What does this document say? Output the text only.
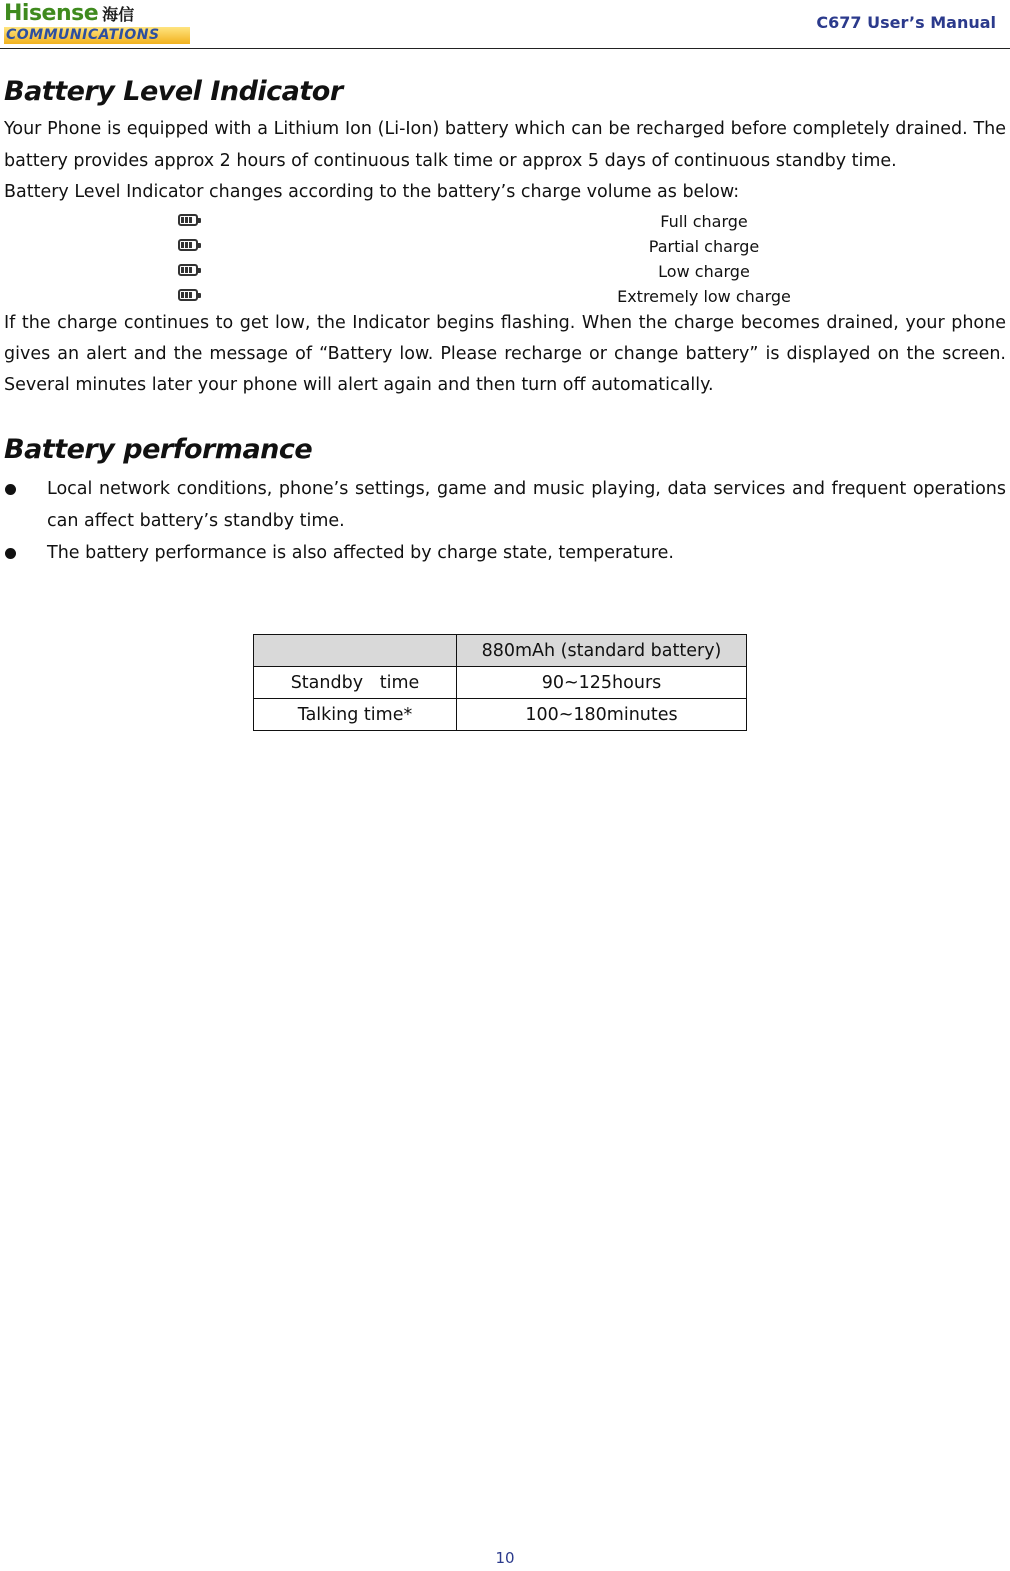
Hisense 海信
COMMUNICATIONS
C677 User’s Manual
Battery Level Indicator

Your Phone is equipped with a Lithium Ion (Li-Ion) battery which can be recharged before completely drained. The battery provides approx 2 hours of continuous talk time or approx 5 days of continuous standby time.

Battery Level Indicator changes according to the battery’s charge volume as below:

Full charge
Partial charge
Low charge
Extremely low charge

If the charge continues to get low, the Indicator begins flashing. When the charge becomes drained, your phone gives an alert and the message of “Battery low. Please recharge or change battery” is displayed on the screen. Several minutes later your phone will alert again and then turn off automatically.

Battery performance
Local network conditions, phone’s settings, game and music playing, data services and frequent operations can affect battery’s standby time.
The battery performance is also affected by charge state, temperature.
	880mAh (standard battery)
Standby   time	90~125hours
Talking time*	100~180minutes
10
